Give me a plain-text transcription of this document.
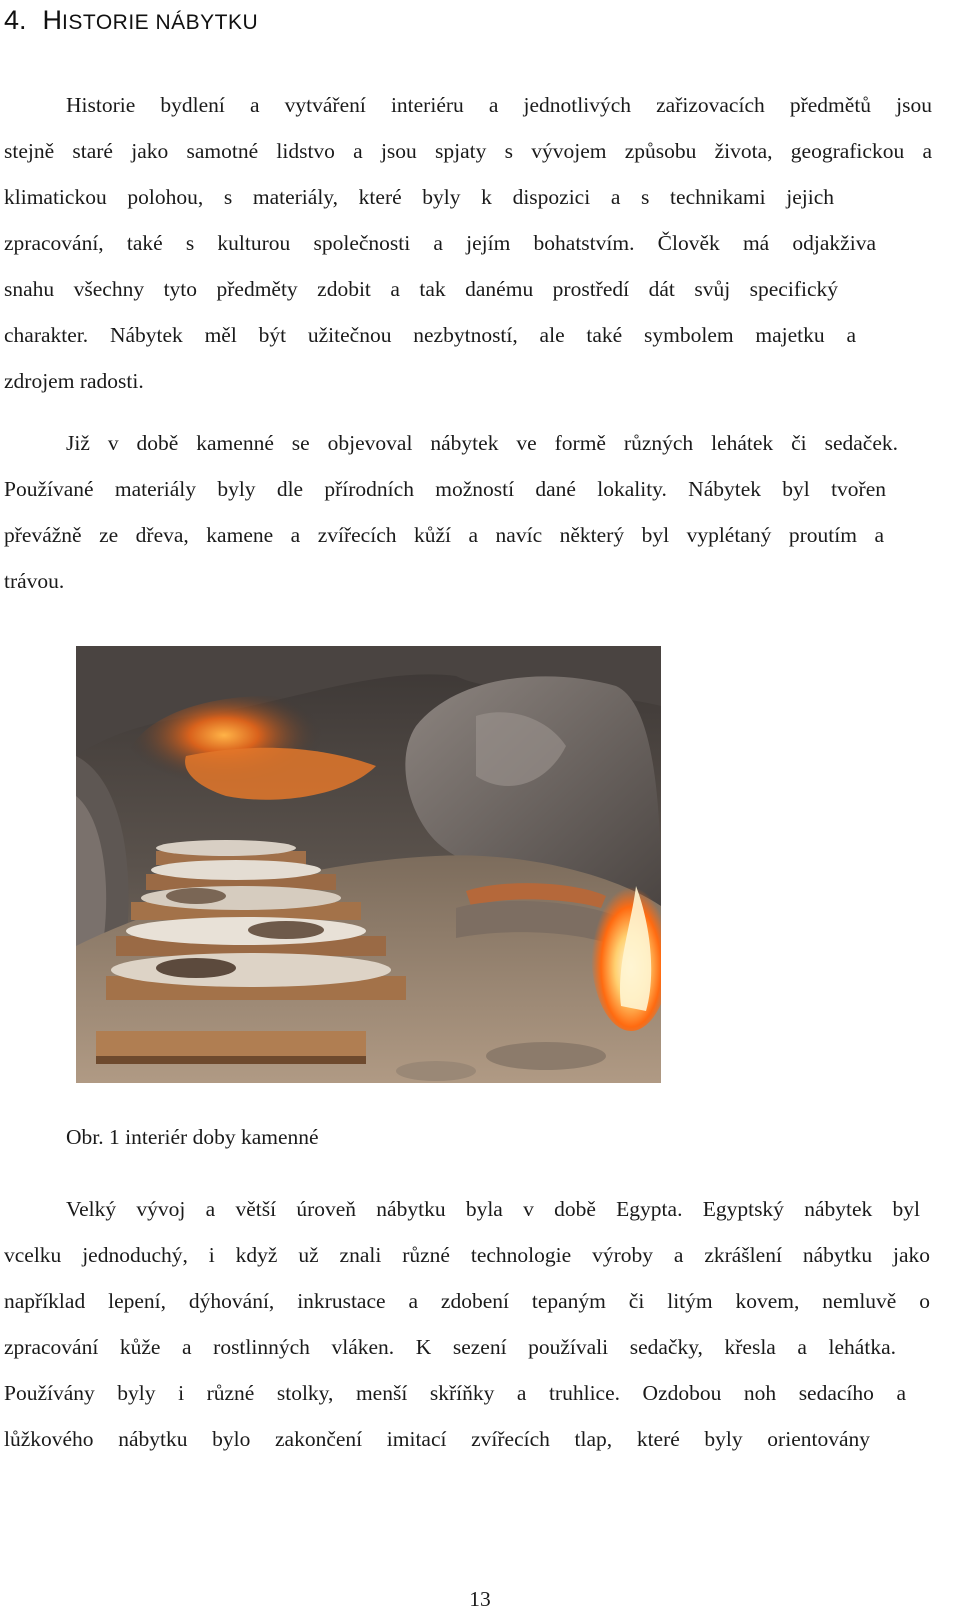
4. HISTORIE NÁBYTKU
Historie bydlení a vytváření interiéru a jednotlivých zařizovacích předmětů jsou
stejně staré jako samotné lidstvo a jsou spjaty s vývojem způsobu života, geografickou a
klimatickou polohou, s materiály, které byly k dispozici a s technikami jejich
zpracování, také s kulturou společnosti a jejím bohatstvím. Člověk má odjakživa
snahu všechny tyto předměty zdobit a tak danému prostředí dát svůj specifický
charakter. Nábytek měl být užitečnou nezbytností, ale také symbolem majetku a
zdrojem radosti.
Již v době kamenné se objevoval nábytek ve formě různých lehátek či sedaček.
Používané materiály byly dle přírodních možností dané lokality. Nábytek byl tvořen
převážně ze dřeva, kamene a zvířecích kůží a navíc některý byl vyplétaný proutím a
trávou.
Obr. 1 interiér doby kamenné
Velký vývoj a větší úroveň nábytku byla v době Egypta. Egyptský nábytek byl
vcelku jednoduchý, i když už znali různé technologie výroby a zkrášlení nábytku jako
například lepení, dýhování, inkrustace a zdobení tepaným či litým kovem, nemluvě o
zpracování kůže a rostlinných vláken. K sezení používali sedačky, křesla a lehátka.
Používány byly i různé stolky, menší skříňky a truhlice. Ozdobou noh sedacího a
lůžkového nábytku bylo zakončení imitací zvířecích tlap, které byly orientovány
13
